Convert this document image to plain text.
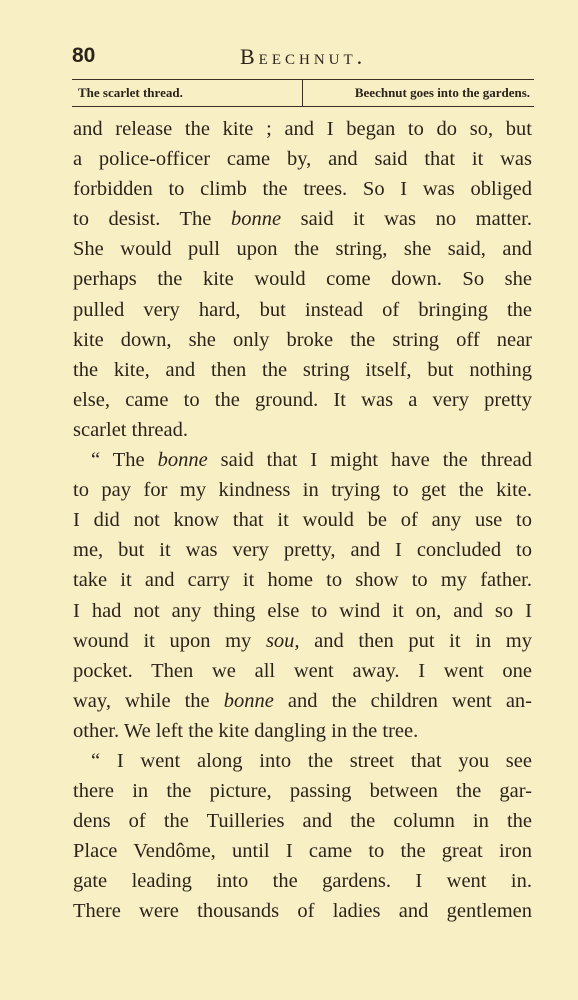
80	Beechnut.
The scarlet thread.	Beechnut goes into the gardens.
and release the kite ; and I began to do so, but
a police-officer came by, and said that it was
forbidden to climb the trees. So I was obliged
to desist. The bonne said it was no matter.
She would pull upon the string, she said, and
perhaps the kite would come down. So she
pulled very hard, but instead of bringing the
kite down, she only broke the string off near
the kite, and then the string itself, but nothing
else, came to the ground. It was a very pretty
scarlet thread.
“ The bonne said that I might have the thread
to pay for my kindness in trying to get the kite.
I did not know that it would be of any use to
me, but it was very pretty, and I concluded to
take it and carry it home to show to my father.
I had not any thing else to wind it on, and so I
wound it upon my sou, and then put it in my
pocket. Then we all went away. I went one
way, while the bonne and the children went an-
other. We left the kite dangling in the tree.
“ I went along into the street that you see
there in the picture, passing between the gar-
dens of the Tuilleries and the column in the
Place Vendôme, until I came to the great iron
gate leading into the gardens. I went in.
There were thousands of ladies and gentlemen
